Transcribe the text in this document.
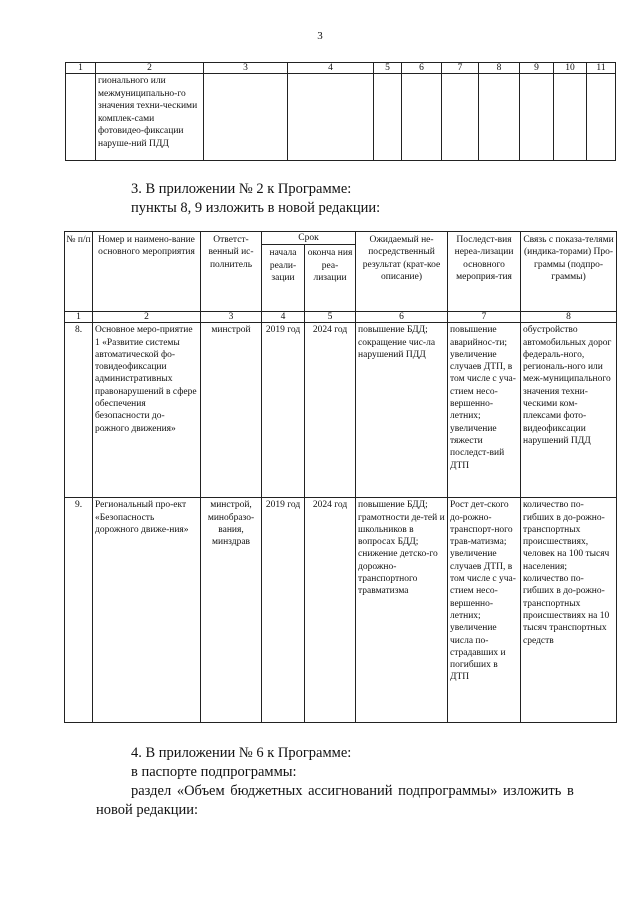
3
1	2	3	4	5	6	7	8	9	10	11
	гионального или межмуниципально-го значения техни-ческими комплек-сами фотовидео-фиксации наруше-ний ПДД									
3. В приложении № 2 к Программе:
пункты 8, 9 изложить в новой редакции:
№ п/п	Номер и наимено-вание основного мероприятия	Ответст-венный ис-полнитель	Срок		Ожидаемый не-посредственный результат (крат-кое описание)	Последст-вия нереа-лизации основного мероприя-тия	Связь с показа-телями (индика-торами) Про-граммы (подпро-граммы)
			начала реали-зации	оконча ния реа-лизации			
1	2	3	4	5	6	7	8
8.	Основное меро-приятие 1 «Развитие системы автоматической фо-товидеофиксации административных правонарушений в сфере обеспечения безопасности до-рожного движения»	минстрой	2019 год	2024 год	повышение БДД; сокращение чис-ла нарушений ПДД	повышение аварийнос-ти; увеличение случаев ДТП, в том числе с уча-стием несо-вершенно-летних; увеличение тяжести последст-вий ДТП	обустройство автомобильных дорог федераль-ного, региональ-ного или меж-муниципального значения техни-ческими ком-плексами фото-видеофиксации нарушений ПДД
9.	Региональный про-ект «Безопасность дорожного движе-ния»	минстрой, минобразо-вания, минздрав	2019 год	2024 год	повышение БДД; грамотности де-тей и школьников в вопросах БДД; снижение детско-го дорожно-транспортного травматизма	Рост дет-ского до-рожно-транспорт-ного трав-матизма; увеличение случаев ДТП, в том числе с уча-стием несо-вершенно-летних; увеличение числа по-страдавших и погибших в ДТП	количество по-гибших в до-рожно-транспортных происшествиях, человек на 100 тысяч населения; количество по-гибших в до-рожно-транспортных происшествиях на 10 тысяч транспортных средств
4. В приложении № 6 к Программе:
в паспорте подпрограммы:
раздел «Объем бюджетных ассигнований подпрограммы» изложить в
новой редакции:
